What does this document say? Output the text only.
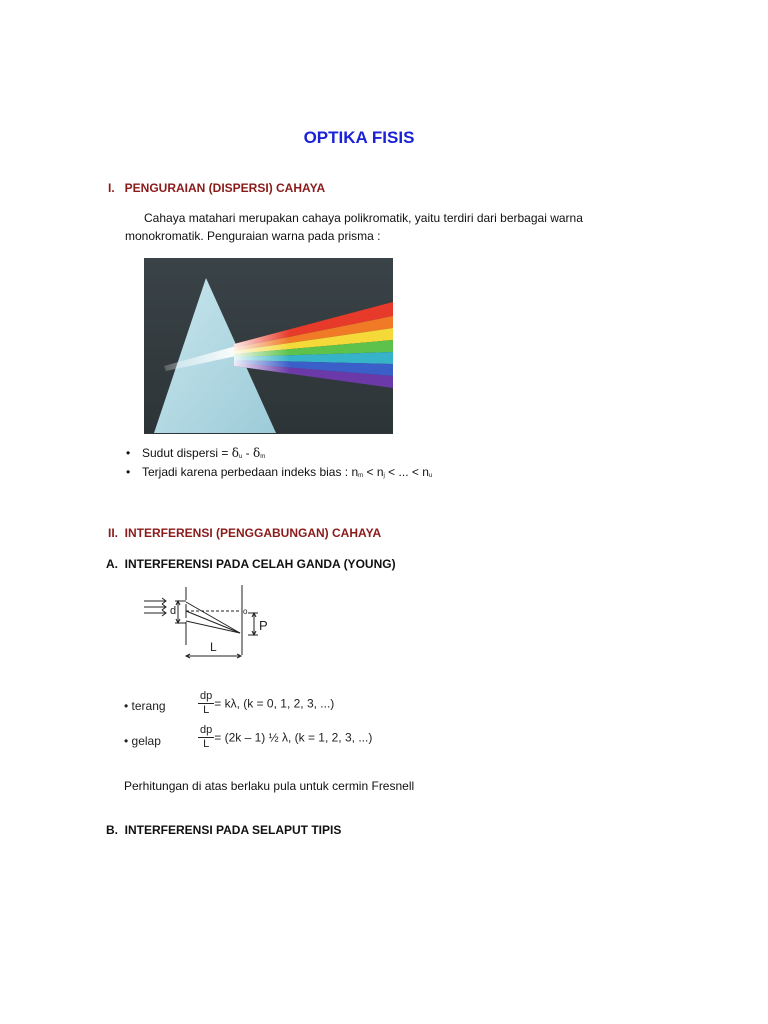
OPTIKA FISIS
I.   PENGURAIAN (DISPERSI) CAHAYA
Cahaya matahari merupakan cahaya polikromatik, yaitu terdiri dari berbagai warna
monokromatik. Penguraian warna pada prisma :
• Sudut dispersi = $\delta_u - \delta_m$
• Terjadi karena perbedaan indeks bias : $n_m < n_j$ < ... < $n_u$
II.  INTERFERENSI (PENGGABUNGAN) CAHAYA
A.  INTERFERENSI PADA CELAH GANDA (YOUNG)
d	o
P
L
• terang	$\frac{dp}{L} = k\lambda$, (k = 0, 1, 2, 3, ...)
• gelap	$\frac{dp}{L} = (2k - 1)$ ½ λ, (k = 1, 2, 3, ...)
Perhitungan di atas berlaku pula untuk cermin Fresnell
B.  INTERFERENSI PADA SELAPUT TIPIS
